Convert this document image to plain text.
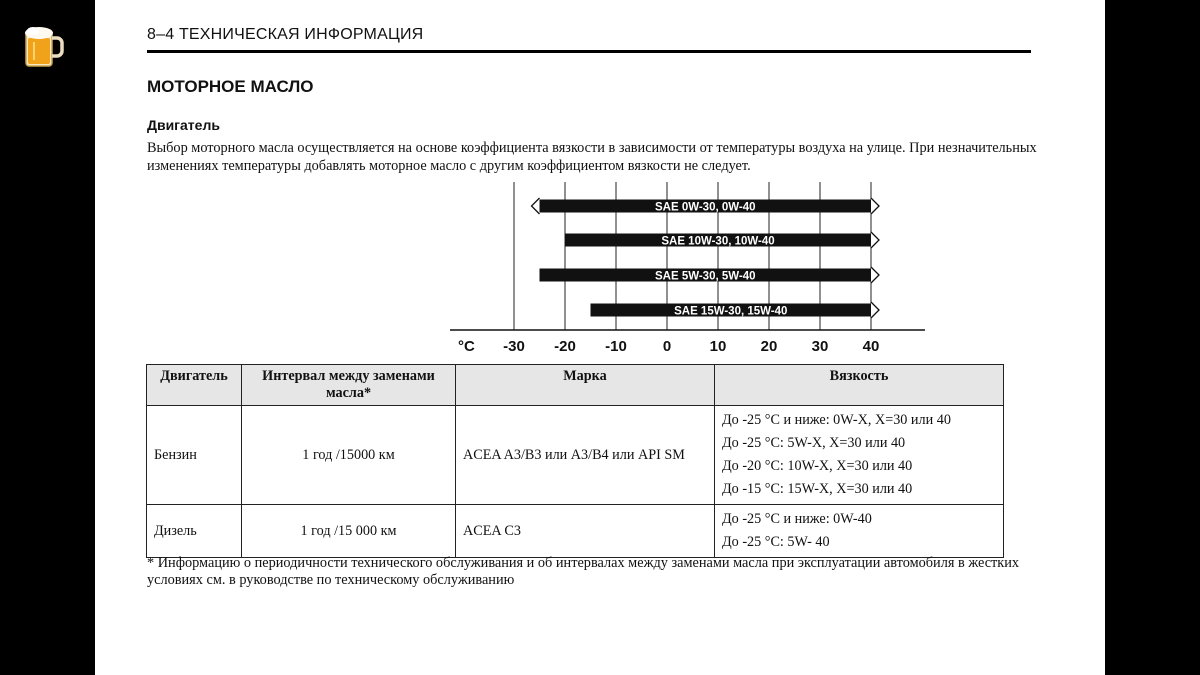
8–4 ТЕХНИЧЕСКАЯ ИНФОРМАЦИЯ
МОТОРНОЕ МАСЛО
Двигатель
Выбор моторного масла осуществляется на основе коэффициента вязкости в зависимости от температуры воздуха на улице. При незначительных изменениях температуры добавлять моторное масло с другим коэффициентом вязкости не следует.
°C -30 -20 -10 0	10 20 30 40
SAE 0W-30, 0W-40
SAE 10W-30, 10W-40
SAE 5W-30, 5W-40
SAE 15W-30, 15W-40
Двигатель	Интервал между заменами масла*	Марка	Вязкость
Бензин	1 год /15000 км	ACEA A3/B3 или A3/B4 или API SM	До -25 °C и ниже: 0W-X, X=30 или 40
До -25 °C: 5W-X, X=30 или 40
До -20 °C: 10W-X, X=30 или 40
До -15 °C: 15W-X, X=30 или 40

Дизель	1 год /15 000 км	ACEA C3	До -25 °C и ниже: 0W-40
До -25 °C: 5W- 40
* Информацию о периодичности технического обслуживания и об интервалах между заменами масла при эксплуатации автомобиля в жестких условиях см. в руководстве по техническому обслуживанию
